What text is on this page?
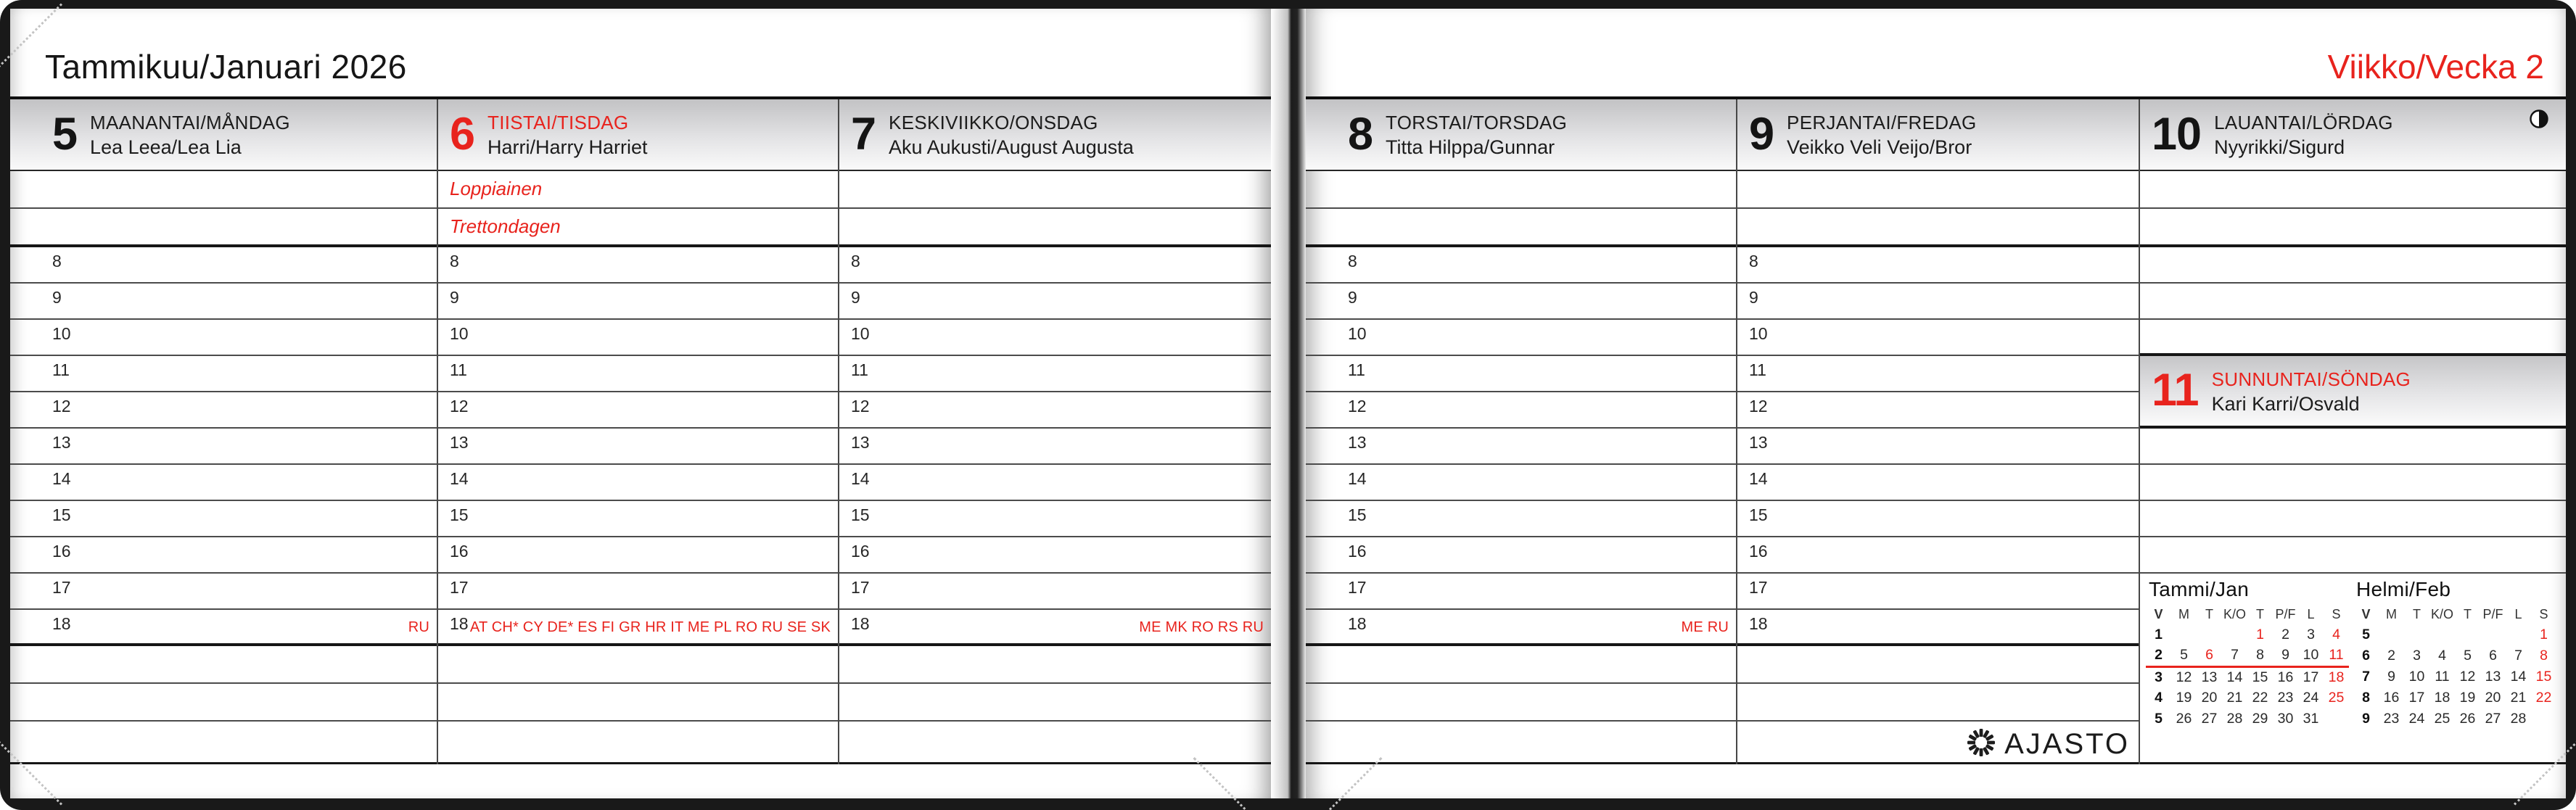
Tammikuu/Januari 2026
5 MAANANTAI/MÅNDAG
Lea Leea/Lea Lia
8
9
10
11
12
13
14
15
16
17
18	RU
6 TIISTAI/TISDAG
Harri/Harry Harriet
Loppiainen
Trettondagen
8
9
10
11
12
13
14
15
16
17
18 AT CH* CY DE* ES FI GR HR IT ME PL RO RU SE SK
7 KESKIVIIKKO/ONSDAG
Aku Aukusti/August Augusta
8
9
10
11
12
13
14
15
16
17
18	ME MK RO RS RU
Viikko/Vecka 2
8 TORSTAI/TORSDAG
Titta Hilppa/Gunnar
8
9
10
11
12
13
14
15
16
17
18	ME RU
9 PERJANTAI/FREDAG
Veikko Veli Veijo/Bror
8
9
10
11
12
13
14
15
16
17
18
10 LAUANTAI/LÖRDAG
Nyyrikki/Sigurd
11 SUNNUNTAI/SÖNDAG
Kari Karri/Osvald
Tammi/Jan
V	M	T	K/O	T	P/F	L	S
1				1	2	3	4
2	5	6	7	8	9	10	11
3	12	13	14	15	16	17	18
4	19	20	21	22	23	24	25
5	26	27	28	29	30	31	
Helmi/Feb
V	M	T	K/O	T	P/F	L	S
5							1
6	2	3	4	5	6	7	8
7	9	10	11	12	13	14	15
8	16	17	18	19	20	21	22
9	23	24	25	26	27	28	
AJASTO
